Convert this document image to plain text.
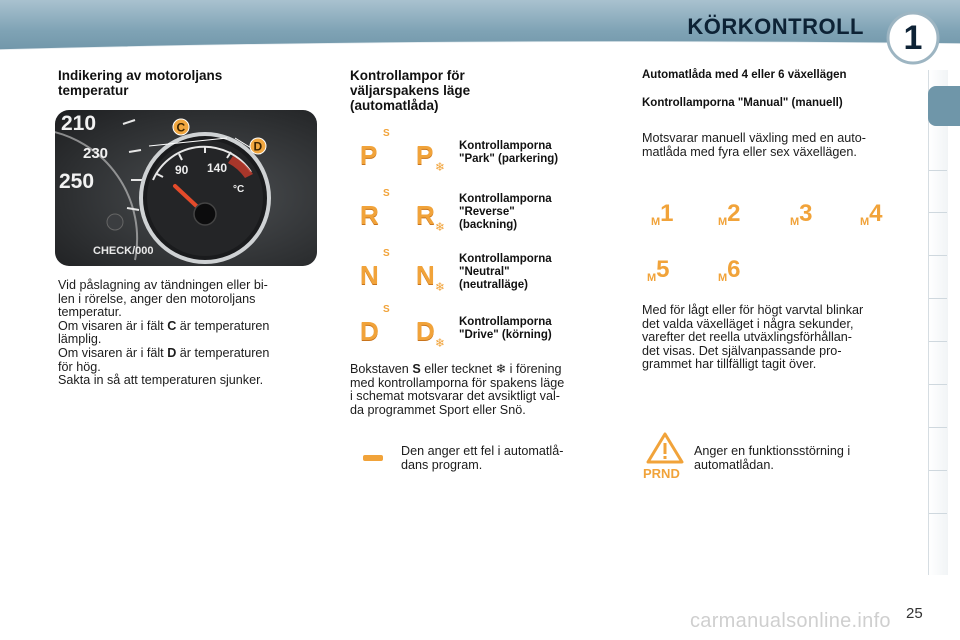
KÖRKONTROLL	1
Indikering av motoroljans
temperatur
210
230
250	90 140
°C
C
D
CHECK/000
Vid påslagning av tändningen eller bi-
len i rörelse, anger den motoroljans
temperatur.
Om visaren är i fält C är temperaturen
lämplig.
Om visaren är i fält D är temperaturen
för hög.
Sakta in så att temperaturen sjunker.
Kontrollampor för
väljarspakens läge
(automatlåda)
P
S
P ❄
Kontrollamporna
"Park" (parkering)
R
S
R ❄
Kontrollamporna
"Reverse"
(backning)
N
S
N ❄
Kontrollamporna
"Neutral"
(neutralläge)
D
S
D ❄
Kontrollamporna
"Drive" (körning)
Bokstaven S eller tecknet ❄ i förening
med kontrollamporna för spakens läge
i schemat motsvarar det avsiktligt val-
da programmet Sport eller Snö.
Den anger ett fel i automatlå-
dans program.
Automatlåda med 4 eller 6 växellägen
Kontrollamporna "Manual" (manuell)
Motsvarar manuell växling med en auto-
matlåda med fyra eller sex växellägen.
M1	M2	M3	M4
M5	M6
Med för lågt eller för högt varvtal blinkar
det valda växelläget i några sekunder,
varefter det reella utväxlingsförhållan-
det visas. Det självanpassande pro-
grammet har tillfälligt tagit över.
PRND
Anger en funktionsstörning i
automatlådan.
carmanualsonline.info 25
